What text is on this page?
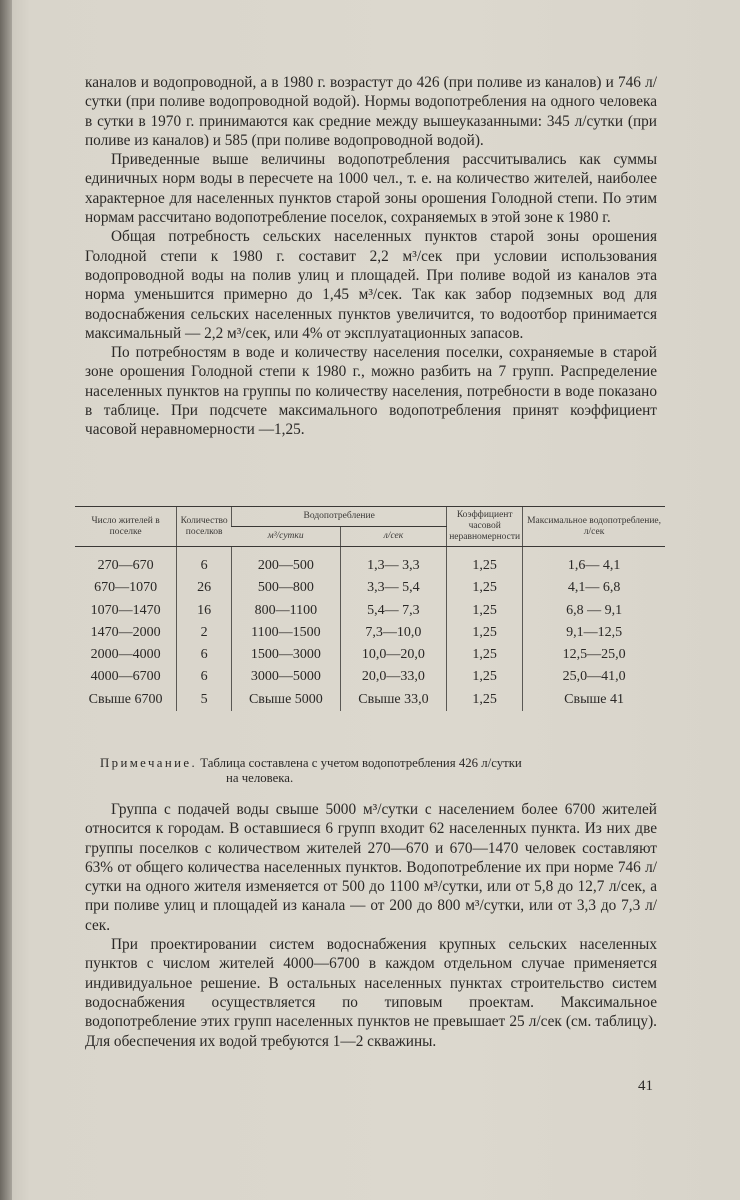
каналов и водопроводной, а в 1980 г. возрастут до 426 (при поливе из каналов) и 746 л/сутки (при поливе водопроводной водой). Нормы водопотребления на одного человека в сутки в 1970 г. принимаются как средние между вышеуказанными: 345 л/сутки (при поливе из каналов) и 585 (при поливе водопроводной водой).

Приведенные выше величины водопотребления рассчитывались как суммы единичных норм воды в пересчете на 1000 чел., т. е. на количество жителей, наиболее характерное для населенных пунктов старой зоны орошения Голодной степи. По этим нормам рассчитано водопотребление поселок, сохраняемых в этой зоне к 1980 г.

Общая потребность сельских населенных пунктов старой зоны орошения Голодной степи к 1980 г. составит 2,2 м³/сек при условии использования водопроводной воды на полив улиц и площадей. При поливе водой из каналов эта норма уменьшится примерно до 1,45 м³/сек. Так как забор подземных вод для водоснабжения сельских населенных пунктов увеличится, то водоотбор принимается максимальный — 2,2 м³/сек, или 4% от эксплуатационных запасов.

По потребностям в воде и количеству населения поселки, сохраняемые в старой зоне орошения Голодной степи к 1980 г., можно разбить на 7 групп. Распределение населенных пунктов на группы по количеству населения, потребности в воде показано в таблице. При подсчете максимального водопотребления принят коэффициент часовой неравномерности —1,25.

Число жителей в поселке	Количество поселков	Водопотребление		Коэффициент часовой неравномерности	Максимальное водопотребление, л/сек
		м³/сутки	л/сек		
270—670	6	200—500	1,3— 3,3	1,25	1,6— 4,1
670—1070	26	500—800	3,3— 5,4	1,25	4,1— 6,8
1070—1470	16	800—1100	5,4— 7,3	1,25	6,8 — 9,1
1470—2000	2	1100—1500	7,3—10,0	1,25	9,1—12,5
2000—4000	6	1500—3000	10,0—20,0	1,25	12,5—25,0
4000—6700	6	3000—5000	20,0—33,0	1,25	25,0—41,0
Свыше 6700	5	Свыше 5000	Свыше 33,0	1,25	Свыше 41
Примечание. Таблица составлена с учетом водопотребления 426 л/сутки
на человека.

Группа с подачей воды свыше 5000 м³/сутки с населением более 6700 жителей относится к городам. В оставшиеся 6 групп входит 62 населенных пункта. Из них две группы поселков с количеством жителей 270—670 и 670—1470 человек составляют 63% от общего количества населенных пунктов. Водопотребление их при норме 746 л/сутки на одного жителя изменяется от 500 до 1100 м³/сутки, или от 5,8 до 12,7 л/сек, а при поливе улиц и площадей из канала — от 200 до 800 м³/сутки, или от 3,3 до 7,3 л/сек.

При проектировании систем водоснабжения крупных сельских населенных пунктов с числом жителей 4000—6700 в каждом отдельном случае применяется индивидуальное решение. В остальных населенных пунктах строительство систем водоснабжения осуществляется по типовым проектам. Максимальное водопотребление этих групп населенных пунктов не превышает 25 л/сек (см. таблицу). Для обеспечения их водой требуются 1—2 скважины.

41
